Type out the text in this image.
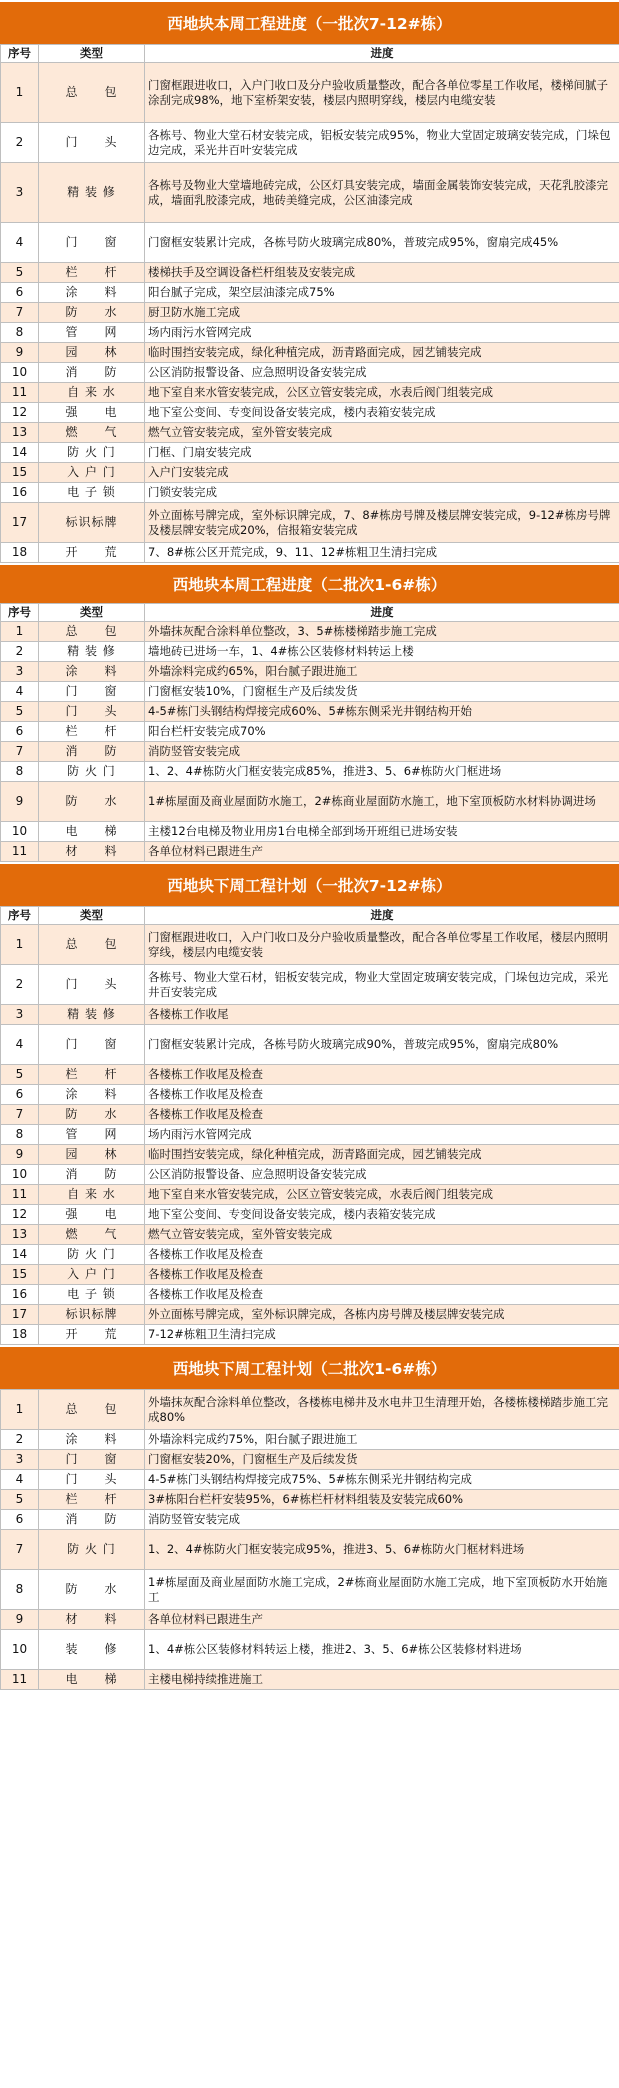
西地块本周工程进度（一批次7-12#栋）
序号	类型	进度
1	总　　包	门窗框跟进收口，入户门收口及分户验收质量整改，配合各单位零星工作收尾，楼梯间腻子涂刮完成98%，地下室桥架安装，楼层内照明穿线，楼层内电缆安装
2	门　　头	各栋号、物业大堂石材安装完成，铝板安装完成95%，物业大堂固定玻璃安装完成，门垛包边完成，采光井百叶安装完成
3	精 装 修	各栋号及物业大堂墙地砖完成，公区灯具安装完成，墙面金属装饰安装完成，天花乳胶漆完成，墙面乳胶漆完成，地砖美缝完成，公区油漆完成
4	门　　窗	门窗框安装累计完成，各栋号防火玻璃完成80%，普玻完成95%，窗扇完成45%
5	栏　　杆	楼梯扶手及空调设备栏杆组装及安装完成
6	涂　　料	阳台腻子完成，架空层油漆完成75%
7	防　　水	厨卫防水施工完成
8	管　　网	场内雨污水管网完成
9	园　　林	临时围挡安装完成，绿化种植完成，沥青路面完成，园艺铺装完成
10	消　　防	公区消防报警设备、应急照明设备安装完成
11	自 来 水	地下室自来水管安装完成，公区立管安装完成，水表后阀门组装完成
12	强　　电	地下室公变间、专变间设备安装完成，楼内表箱安装完成
13	燃　　气	燃气立管安装完成，室外管安装完成
14	防 火 门	门框、门扇安装完成
15	入 户 门	入户门安装完成
16	电 子 锁	门锁安装完成
17	标识标牌	外立面栋号牌完成，室外标识牌完成，7、8#栋房号牌及楼层牌安装完成，9-12#栋房号牌及楼层牌安装完成20%，信报箱安装完成
18	开　　荒	7、8#栋公区开荒完成，9、11、12#栋粗卫生清扫完成
西地块本周工程进度（二批次1-6#栋）
序号	类型	进度
1	总　　包	外墙抹灰配合涂料单位整改，3、5#栋楼梯踏步施工完成
2	精 装 修	墙地砖已进场一车，1、4#栋公区装修材料转运上楼
3	涂　　料	外墙涂料完成约65%，阳台腻子跟进施工
4	门　　窗	门窗框安装10%，门窗框生产及后续发货
5	门　　头	4-5#栋门头钢结构焊接完成60%、5#栋东侧采光井钢结构开始
6	栏　　杆	阳台栏杆安装完成70%
7	消　　防	消防竖管安装完成
8	防 火 门	1、2、4#栋防火门框安装完成85%，推进3、5、6#栋防火门框进场
9	防　　水	1#栋屋面及商业屋面防水施工，2#栋商业屋面防水施工，地下室顶板防水材料协调进场
10	电　　梯	主楼12台电梯及物业用房1台电梯全部到场开班组已进场安装
11	材　　料	各单位材料已跟进生产
西地块下周工程计划（一批次7-12#栋）
序号	类型	进度
1	总　　包	门窗框跟进收口，入户门收口及分户验收质量整改，配合各单位零星工作收尾，楼层内照明穿线，楼层内电缆安装
2	门　　头	各栋号、物业大堂石材，铝板安装完成，物业大堂固定玻璃安装完成，门垛包边完成，采光井百安装完成
3	精 装 修	各楼栋工作收尾
4	门　　窗	门窗框安装累计完成，各栋号防火玻璃完成90%，普玻完成95%，窗扇完成80%
5	栏　　杆	各楼栋工作收尾及检查
6	涂　　料	各楼栋工作收尾及检查
7	防　　水	各楼栋工作收尾及检查
8	管　　网	场内雨污水管网完成
9	园　　林	临时围挡安装完成，绿化种植完成，沥青路面完成，园艺铺装完成
10	消　　防	公区消防报警设备、应急照明设备安装完成
11	自 来 水	地下室自来水管安装完成，公区立管安装完成，水表后阀门组装完成
12	强　　电	地下室公变间、专变间设备安装完成，楼内表箱安装完成
13	燃　　气	燃气立管安装完成，室外管安装完成
14	防 火 门	各楼栋工作收尾及检查
15	入 户 门	各楼栋工作收尾及检查
16	电 子 锁	各楼栋工作收尾及检查
17	标识标牌	外立面栋号牌完成，室外标识牌完成，各栋内房号牌及楼层牌安装完成
18	开　　荒	7-12#栋粗卫生清扫完成
西地块下周工程计划（二批次1-6#栋）
1	总　　包	外墙抹灰配合涂料单位整改，各楼栋电梯井及水电井卫生清理开始，各楼栋楼梯踏步施工完成80%
2	涂　　料	外墙涂料完成约75%，阳台腻子跟进施工
3	门　　窗	门窗框安装20%，门窗框生产及后续发货
4	门　　头	4-5#栋门头钢结构焊接完成75%、5#栋东侧采光井钢结构完成
5	栏　　杆	3#栋阳台栏杆安装95%，6#栋栏杆材料组装及安装完成60%
6	消　　防	消防竖管安装完成
7	防 火 门	1、2、4#栋防火门框安装完成95%，推进3、5、6#栋防火门框材料进场
8	防　　水	1#栋屋面及商业屋面防水施工完成，2#栋商业屋面防水施工完成，地下室顶板防水开始施工
9	材　　料	各单位材料已跟进生产
10	装　　修	1、4#栋公区装修材料转运上楼，推进2、3、5、6#栋公区装修材料进场
11	电　　梯	主楼电梯持续推进施工
